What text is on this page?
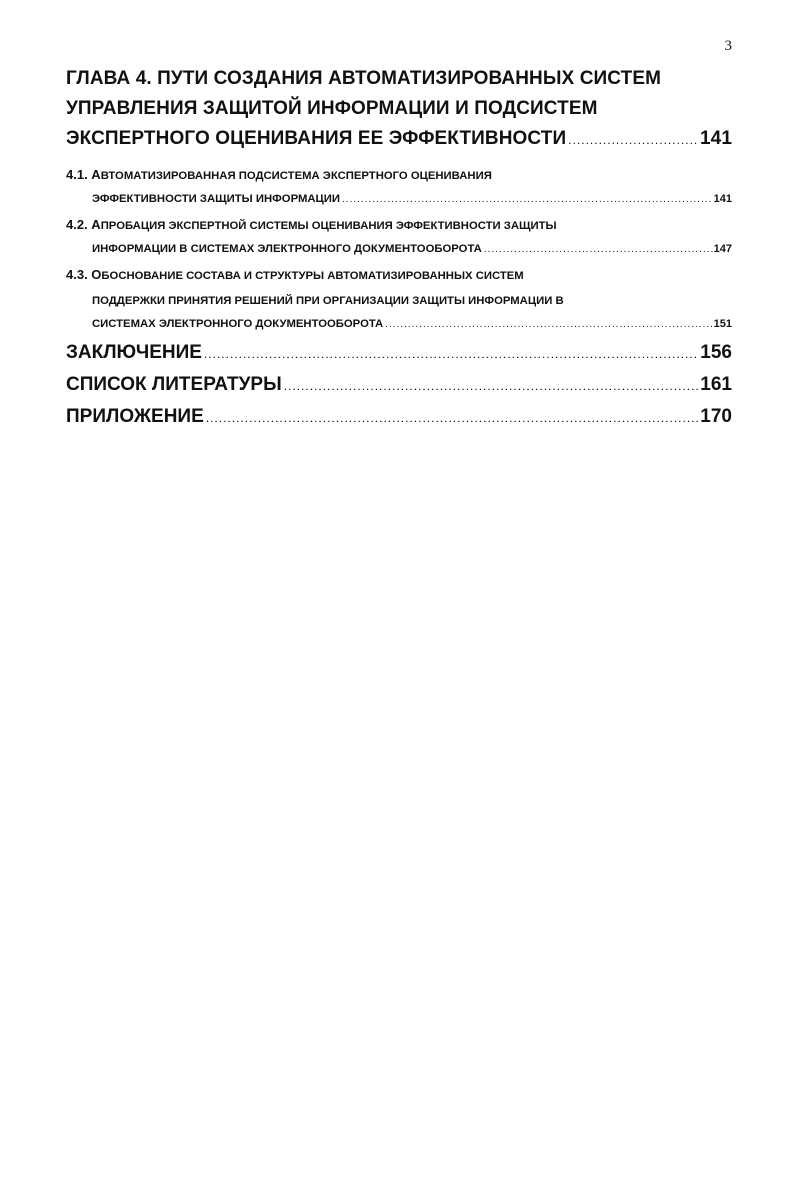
3
ГЛАВА 4. ПУТИ СОЗДАНИЯ АВТОМАТИЗИРОВАННЫХ СИСТЕМ
УПРАВЛЕНИЯ ЗАЩИТОЙ ИНФОРМАЦИИ И ПОДСИСТЕМ
ЭКСПЕРТНОГО ОЦЕНИВАНИЯ ЕЕ ЭФФЕКТИВНОСТИ .....	141
4.1. АВТОМАТИЗИРОВАННАЯ ПОДСИСТЕМА ЭКСПЕРТНОГО ОЦЕНИВАНИЯ
ЭФФЕКТИВНОСТИ ЗАЩИТЫ ИНФОРМАЦИИ .....	141
4.2. АПРОБАЦИЯ ЭКСПЕРТНОЙ СИСТЕМЫ ОЦЕНИВАНИЯ ЭФФЕКТИВНОСТИ ЗАЩИТЫ
ИНФОРМАЦИИ В СИСТЕМАХ ЭЛЕКТРОННОГО ДОКУМЕНТООБОРОТА .....	147
4.3. ОБОСНОВАНИЕ СОСТАВА И СТРУКТУРЫ АВТОМАТИЗИРОВАННЫХ СИСТЕМ
ПОДДЕРЖКИ ПРИНЯТИЯ РЕШЕНИЙ ПРИ ОРГАНИЗАЦИИ ЗАЩИТЫ ИНФОРМАЦИИ В
СИСТЕМАХ ЭЛЕКТРОННОГО ДОКУМЕНТООБОРОТА .....	151
ЗАКЛЮЧЕНИЕ .....	156
СПИСОК ЛИТЕРАТУРЫ .....	161
ПРИЛОЖЕНИЕ .....	170
